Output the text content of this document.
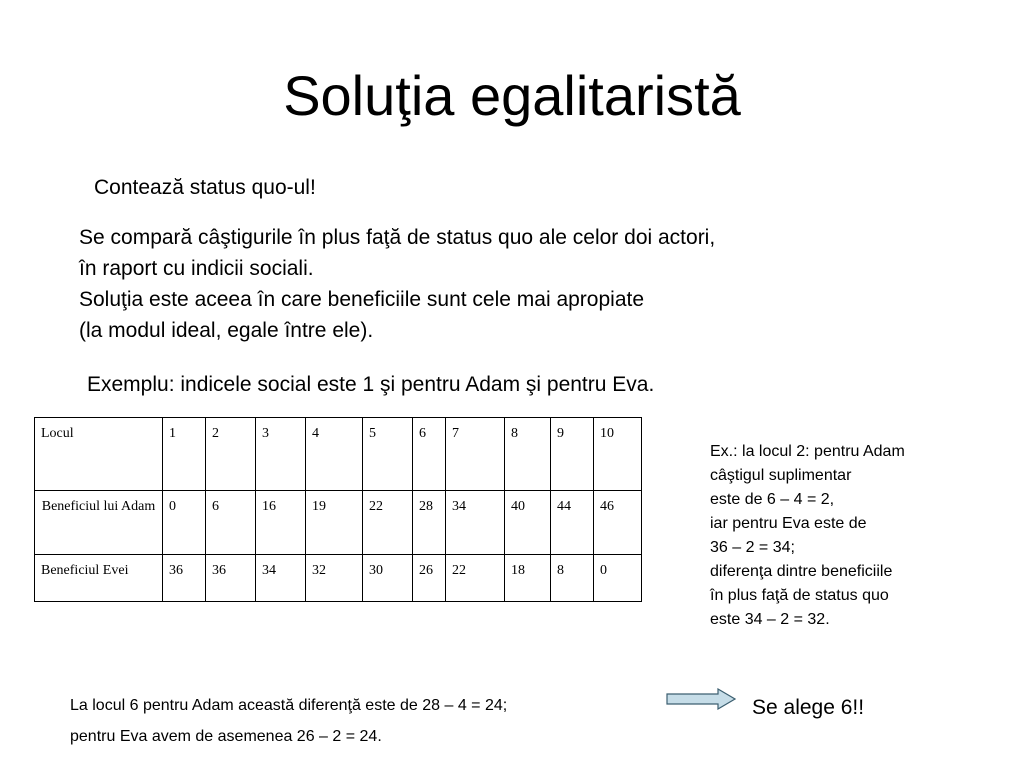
Soluţia egalitaristă

Contează status quo-ul!

Se compară câştigurile în plus faţă de status quo ale celor doi actori,
în raport cu indicii sociali.
Soluţia este aceea în care beneficiile sunt cele mai apropiate
(la modul ideal, egale între ele).

Exemplu: indicele social este 1 şi pentru Adam şi pentru Eva.

Locul	1	2	3	4	5	6	7	8	9	10
Beneficiul lui Adam	0	6	16	19	22	28	34	40	44	46
Beneficiul Evei	36	36	34	32	30	26	22	18	8	0

Ex.: la locul 2: pentru Adam
câştigul suplimentar
este de 6 – 4 = 2,
iar pentru Eva este de
36 – 2 = 34;
diferenţa dintre beneficiile
în plus faţă de status quo
este 34 – 2 = 32.

La locul 6 pentru Adam această diferenţă este de 28 – 4 = 24;

pentru Eva avem de asemenea 26 – 2 = 24.

Se alege 6!!
